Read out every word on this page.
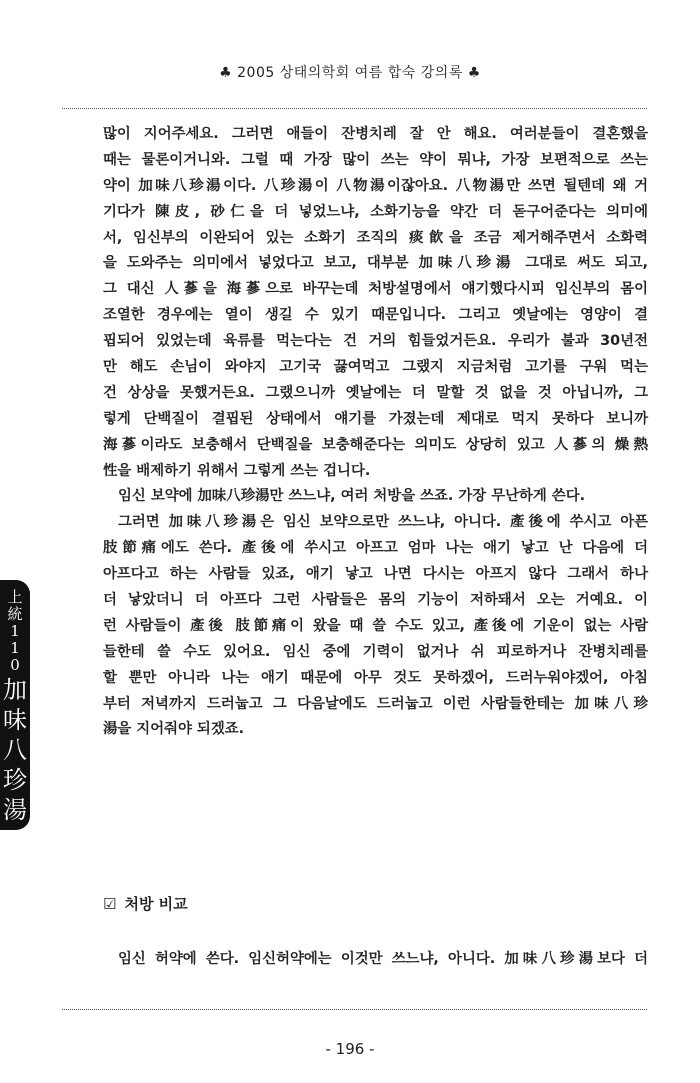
♣ 2005 상태의학회 여름 합숙 강의록 ♣
上
統
1
1
0
加
味
八
珍
湯
많이 지어주세요. 그러면 애들이 잔병치레 잘 안 해요. 여러분들이 결혼했을
때는 물론이거니와. 그럴 때 가장 많이 쓰는 약이 뭐냐, 가장 보편적으로 쓰는
약이 加味八珍湯이다. 八珍湯이 八物湯이잖아요. 八物湯만 쓰면 될텐데 왜 거
기다가 陳皮, 砂仁을 더 넣었느냐, 소화기능을 약간 더 돋구어준다는 의미에
서, 임신부의 이완되어 있는 소화기 조직의 痰飮을 조금 제거해주면서 소화력
을 도와주는 의미에서 넣었다고 보고, 대부분 加味八珍湯 그대로 써도 되고,
그 대신 人蔘을 海蔘으로 바꾸는데 처방설명에서 얘기했다시피 임신부의 몸이
조열한 경우에는 열이 생길 수 있기 때문입니다. 그리고 옛날에는 영양이 결
핍되어 있었는데 육류를 먹는다는 건 거의 힘들었거든요. 우리가 불과 30년전
만 해도 손님이 와야지 고기국 끓여먹고 그랬지 지금처럼 고기를 구워 먹는
건 상상을 못했거든요. 그랬으니까 옛날에는 더 말할 것 없을 것 아닙니까, 그
렇게 단백질이 결핍된 상태에서 얘기를 가졌는데 제대로 먹지 못하다 보니까
海蔘이라도 보충해서 단백질을 보충해준다는 의미도 상당히 있고 人蔘의 燥熱
性을 배제하기 위해서 그렇게 쓰는 겁니다.
임신 보약에 加味八珍湯만 쓰느냐, 여러 처방을 쓰죠. 가장 무난하게 쓴다.
그러면 加味八珍湯은 임신 보약으로만 쓰느냐, 아니다. 產後에 쑤시고 아픈
肢節痛에도 쓴다. 產後에 쑤시고 아프고 엄마 나는 애기 낳고 난 다음에 더
아프다고 하는 사람들 있죠, 애기 낳고 나면 다시는 아프지 않다 그래서 하나
더 낳았더니 더 아프다 그런 사람들은 몸의 기능이 저하돼서 오는 거예요. 이
런 사람들이 產後 肢節痛이 왔을 때 쓸 수도 있고, 產後에 기운이 없는 사람
들한테 쓸 수도 있어요. 임신 중에 기력이 없거나 쉬 피로하거나 잔병치레를
할 뿐만 아니라 나는 애기 때문에 아무 것도 못하겠어, 드러누워야겠어, 아침
부터 저녁까지 드러눕고 그 다음날에도 드러눕고 이런 사람들한테는 加味八珍
湯을 지어줘야 되겠죠.
☑ 처방 비교
임신 허약에 쓴다. 임신허약에는 이것만 쓰느냐, 아니다. 加味八珍湯보다 더
- 196 -
